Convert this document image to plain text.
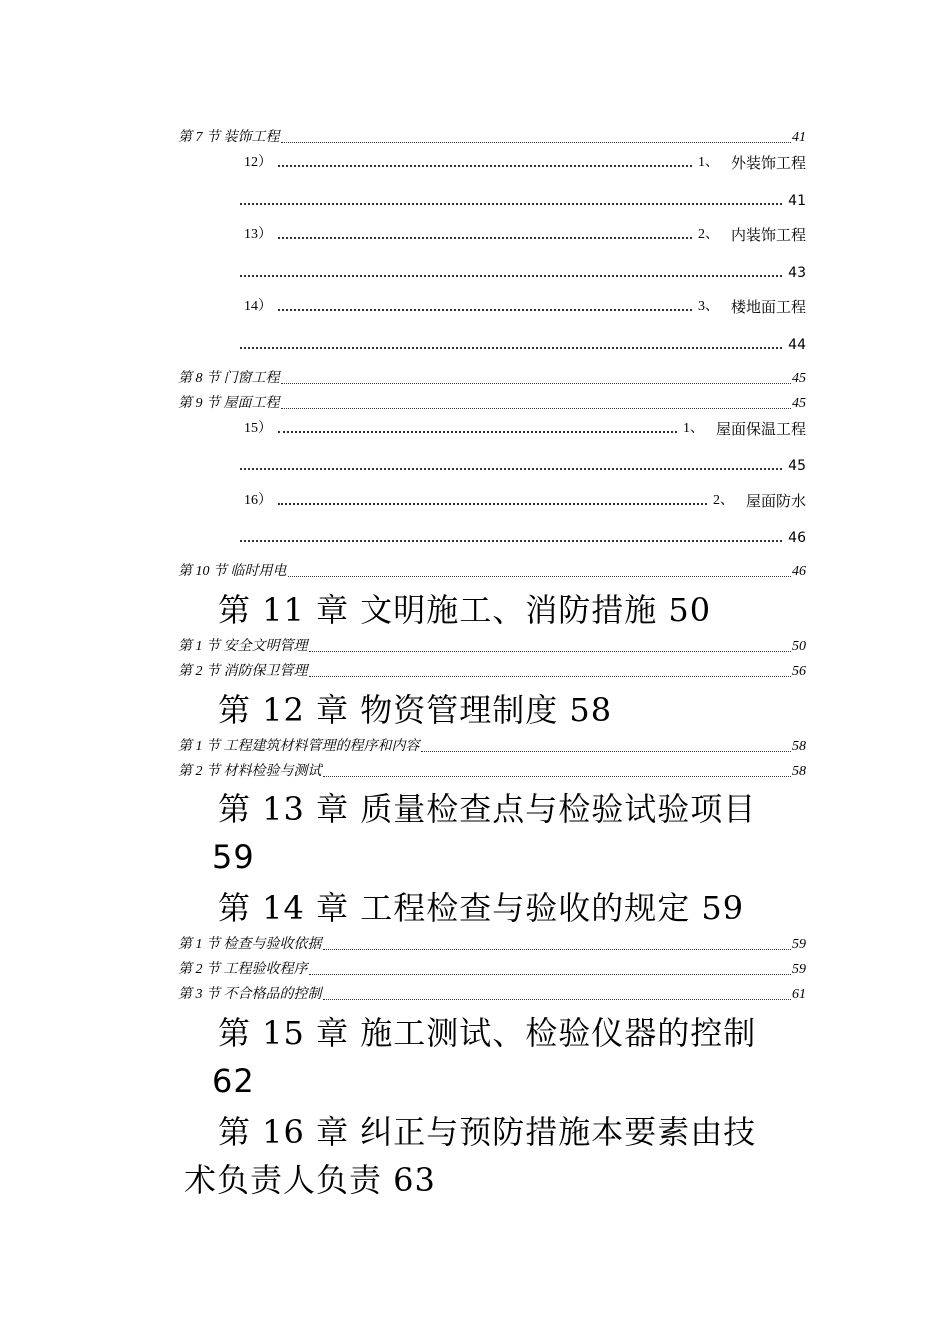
第 7 节 装饰工程	41
12）	1、 外装饰工程
41
13）	2、 内装饰工程
43
14）	3、 楼地面工程
44
第 8 节 门窗工程	45
第 9 节 屋面工程	45
15）	1、 屋面保温工程
45
16）	2、 屋面防水
46
第 10 节 临时用电	46
第 11 章 文明施工、消防措施 50
第 1 节 安全文明管理	50
第 2 节 消防保卫管理	56
第 12 章 物资管理制度 58
第 1 节 工程建筑材料管理的程序和内容	58
第 2 节 材料检验与测试	58
第 13 章 质量检查点与检验试验项目
59
第 14 章 工程检查与验收的规定 59
第 1 节 检查与验收依据	59
第 2 节 工程验收程序	59
第 3 节 不合格品的控制	61
第 15 章 施工测试、检验仪器的控制
62
第 16 章 纠正与预防措施本要素由技
术负责人负责 63
